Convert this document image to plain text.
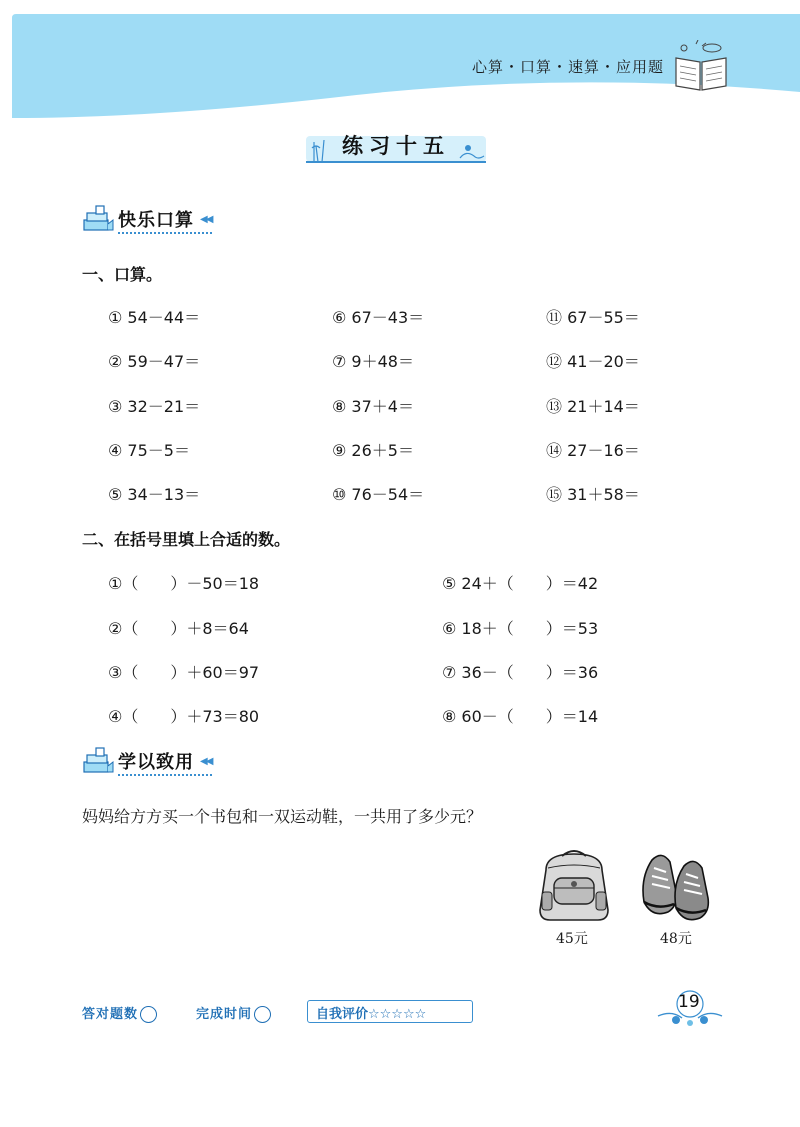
心算・口算・速算・应用题
练习十五
快乐口算 ◀◀
一、口算。
① 54－44＝
② 59－47＝
③ 32－21＝
④ 75－5＝
⑤ 34－13＝
⑥ 67－43＝
⑦ 9＋48＝
⑧ 37＋4＝
⑨ 26＋5＝
⑩ 76－54＝
⑪ 67－55＝
⑫ 41－20＝
⑬ 21＋14＝
⑭ 27－16＝
⑮ 31＋58＝
二、在括号里填上合适的数。
①（　　）－50＝18
②（　　）＋8＝64
③（　　）＋60＝97
④（　　）＋73＝80
⑤ 24＋（　　）＝42
⑥ 18＋（　　）＝53
⑦ 36－（　　）＝36
⑧ 60－（　　）＝14
学以致用 ◀◀
妈妈给方方买一个书包和一双运动鞋，一共用了多少元？
45元	48元
答对题数	完成时间	自我评价☆☆☆☆☆
19
